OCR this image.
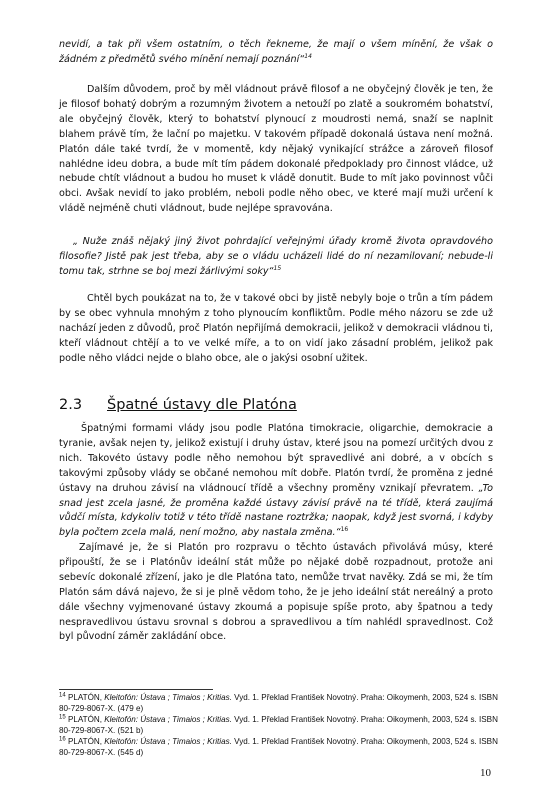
nevidí, a tak při všem ostatním, o těch řekneme, že mají o všem mínění, že však o žádném z předmětů svého mínění nemají poznání“$^{14}$

Dalším důvodem, proč by měl vládnout právě filosof a ne obyčejný člověk je ten, že je filosof bohatý dobrým a rozumným životem a netouží po zlatě a soukromém bohatství, ale obyčejný člověk, který to bohatství plynoucí z moudrosti nemá, snaží se naplnit blahem právě tím, že lační po majetku. V takovém případě dokonalá ústava není možná. Platón dále také tvrdí, že v momentě, kdy nějaký vynikající strážce a zároveň filosof nahlédne ideu dobra, a bude mít tím pádem dokonalé předpoklady pro činnost vládce, už nebude chtít vládnout a budou ho muset k vládě donutit. Bude to mít jako povinnost vůči obci. Avšak nevidí to jako problém, neboli podle něho obec, ve které mají muži určení k vládě nejméně chuti vládnout, bude nejlépe spravována.

„ Nuže znáš nějaký jiný život pohrdající veřejnými úřady kromě života opravdového filosofie? Jistě pak jest třeba, aby se o vládu ucházeli lidé do ní nezamilovaní; nebude-li tomu tak, strhne se boj mezi žárlivými soky“$^{15}$

Chtěl bych poukázat na to, že v takové obci by jistě nebyly boje o trůn a tím pádem by se obec vyhnula mnohým z toho plynoucím konfliktům. Podle mého názoru se zde už nachází jeden z důvodů, proč Platón nepřijímá demokracii, jelikož v demokracii vládnou ti, kteří vládnout chtějí a to ve velké míře, a to on vidí jako zásadní problém, jelikož pak podle něho vládci nejde o blaho obce, ale o jakýsi osobní užitek.

2.3 Špatné ústavy dle Platóna

Špatnými formami vlády jsou podle Platóna timokracie, oligarchie, demokracie a tyranie, avšak nejen ty, jelikož existují i druhy ústav, které jsou na pomezí určitých dvou z nich. Takovéto ústavy podle něho nemohou být spravedlivé ani dobré, a v obcích s takovými způsoby vlády se občané nemohou mít dobře. Platón tvrdí, že proměna z jedné ústavy na druhou závisí na vládnoucí třídě a všechny proměny vznikají převratem. „To snad jest zcela jasné, že proměna každé ústavy závisí právě na té třídě, která zaujímá vůdčí místa, kdykoliv totiž v této třídě nastane roztržka; naopak, když jest svorná, i kdyby byla počtem zcela malá, není možno, aby nastala změna.“$^{16}$

Zajímavé je, že si Platón pro rozpravu o těchto ústavách přivolává músy, které připouští, že se i Platónův ideální stát může po nějaké době rozpadnout, protože ani sebevíc dokonalé zřízení, jako je dle Platóna tato, nemůže trvat navěky. Zdá se mi, že tím Platón sám dává najevo, že si je plně vědom toho, že je jeho ideální stát nereálný a proto dále všechny vyjmenované ústavy zkoumá a popisuje spíše proto, aby špatnou a tedy nespravedlivou ústavu srovnal s dobrou a spravedlivou a tím nahlédl spravedlnost. Což byl původní záměr zakládání obce.

$^{14}$ PLATÓN, Kleitofón: Ústava ; Timaios ; Kritias. Vyd. 1. Překlad František Novotný. Praha: Oikoymenh, 2003, 524 s. ISBN 80-729-8067-X. (479 e)
$^{15}$ PLATÓN, Kleitofón: Ústava ; Timaios ; Kritias. Vyd. 1. Překlad František Novotný. Praha: Oikoymenh, 2003, 524 s. ISBN 80-729-8067-X. (521 b)
$^{16}$ PLATÓN, Kleitofón: Ústava ; Timaios ; Kritias. Vyd. 1. Překlad František Novotný. Praha: Oikoymenh, 2003, 524 s. ISBN 80-729-8067-X. (545 d)
10
